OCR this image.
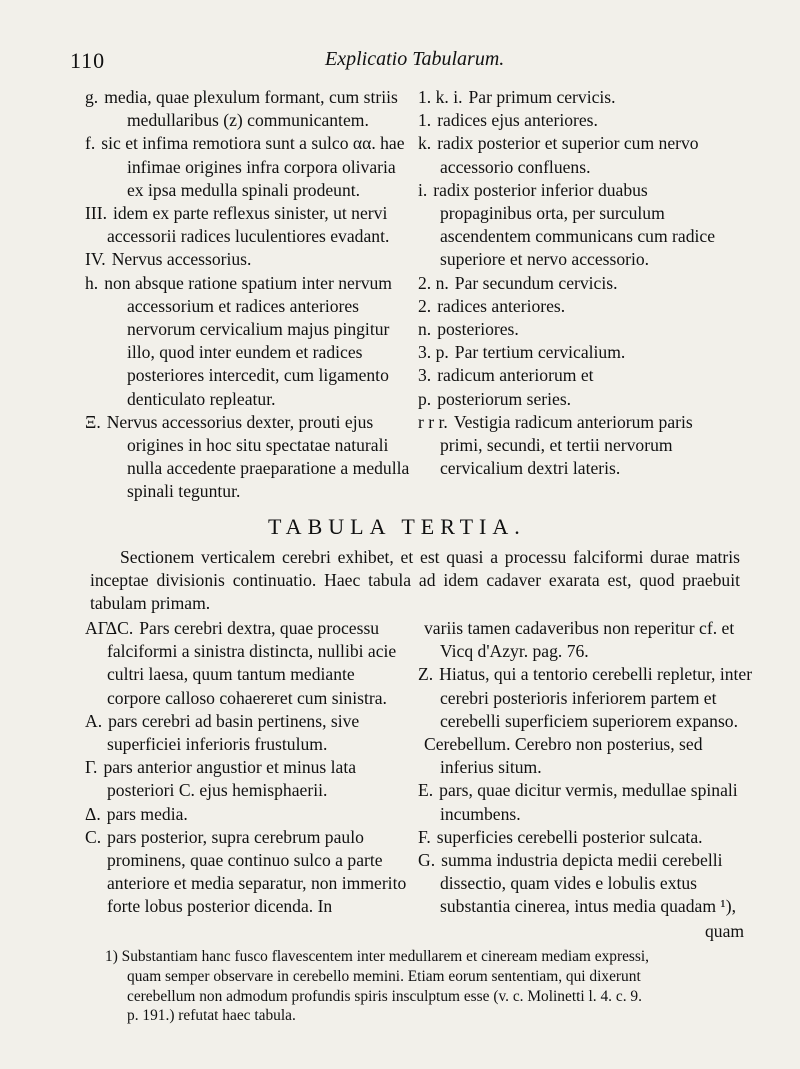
110	Explicatio Tabularum.

g. media, quae plexulum formant, cum striis medullaribus (z) communicantem.

f. sic et infima remotiora sunt a sulco αα. hae infimae origines infra corpora olivaria ex ipsa medulla spinali prodeunt.

III. idem ex parte reflexus sinister, ut nervi accessorii radices luculentiores evadant.

IV. Nervus accessorius.

h. non absque ratione spatium inter nervum accessorium et radices anteriores nervorum cervicalium majus pingitur illo, quod inter eundem et radices posteriores intercedit, cum ligamento denticulato repleatur.

Ξ. Nervus accessorius dexter, prouti ejus origines in hoc situ spectatae naturali nulla accedente praeparatione a medulla spinali teguntur.

1. k. i. Par primum cervicis.

1. radices ejus anteriores.

k. radix posterior et superior cum nervo accessorio confluens.

i. radix posterior inferior duabus propaginibus orta, per surculum ascendentem communicans cum radice superiore et nervo accessorio.

2. n. Par secundum cervicis.

2. radices anteriores.

n. posteriores.

3. p. Par tertium cervicalium.

3. radicum anteriorum et

p. posteriorum series.

r r r. Vestigia radicum anteriorum paris primi, secundi, et tertii nervorum cervicalium dextri lateris.

TABULA TERTIA.

Sectionem verticalem cerebri exhibet, et est quasi a processu falciformi durae matris inceptae divisionis continuatio. Haec tabula ad idem cadaver exarata est, quod praebuit tabulam primam.

ΑΓΔC. Pars cerebri dextra, quae processu falciformi a sinistra distincta, nullibi acie cultri laesa, quum tantum mediante corpore calloso cohaereret cum sinistra.

A. pars cerebri ad basin pertinens, sive superficiei inferioris frustulum.

Γ. pars anterior angustior et minus lata posteriori C. ejus hemisphaerii.

Δ. pars media.

C. pars posterior, supra cerebrum paulo prominens, quae continuo sulco a parte anteriore et media separatur, non immerito forte lobus posterior dicenda. In

variis tamen cadaveribus non reperitur cf. et Vicq d'Azyr. pag. 76.

Z. Hiatus, qui a tentorio cerebelli repletur, inter cerebri posterioris inferiorem partem et cerebelli superficiem superiorem expanso.

Cerebellum. Cerebro non posterius, sed inferius situm.

E. pars, quae dicitur vermis, medullae spinali incumbens.

F. superficies cerebelli posterior sulcata.

G. summa industria depicta medii cerebelli dissectio, quam vides e lobulis extus substantia cinerea, intus media quadam ¹),

quam

1) Substantiam hanc fusco flavescentem inter medullarem et cineream mediam expressi,

quam semper observare in cerebello memini. Etiam eorum sententiam, qui dixerunt

cerebellum non admodum profundis spiris insculptum esse (v. c. Molinetti l. 4. c. 9.

p. 191.) refutat haec tabula.
